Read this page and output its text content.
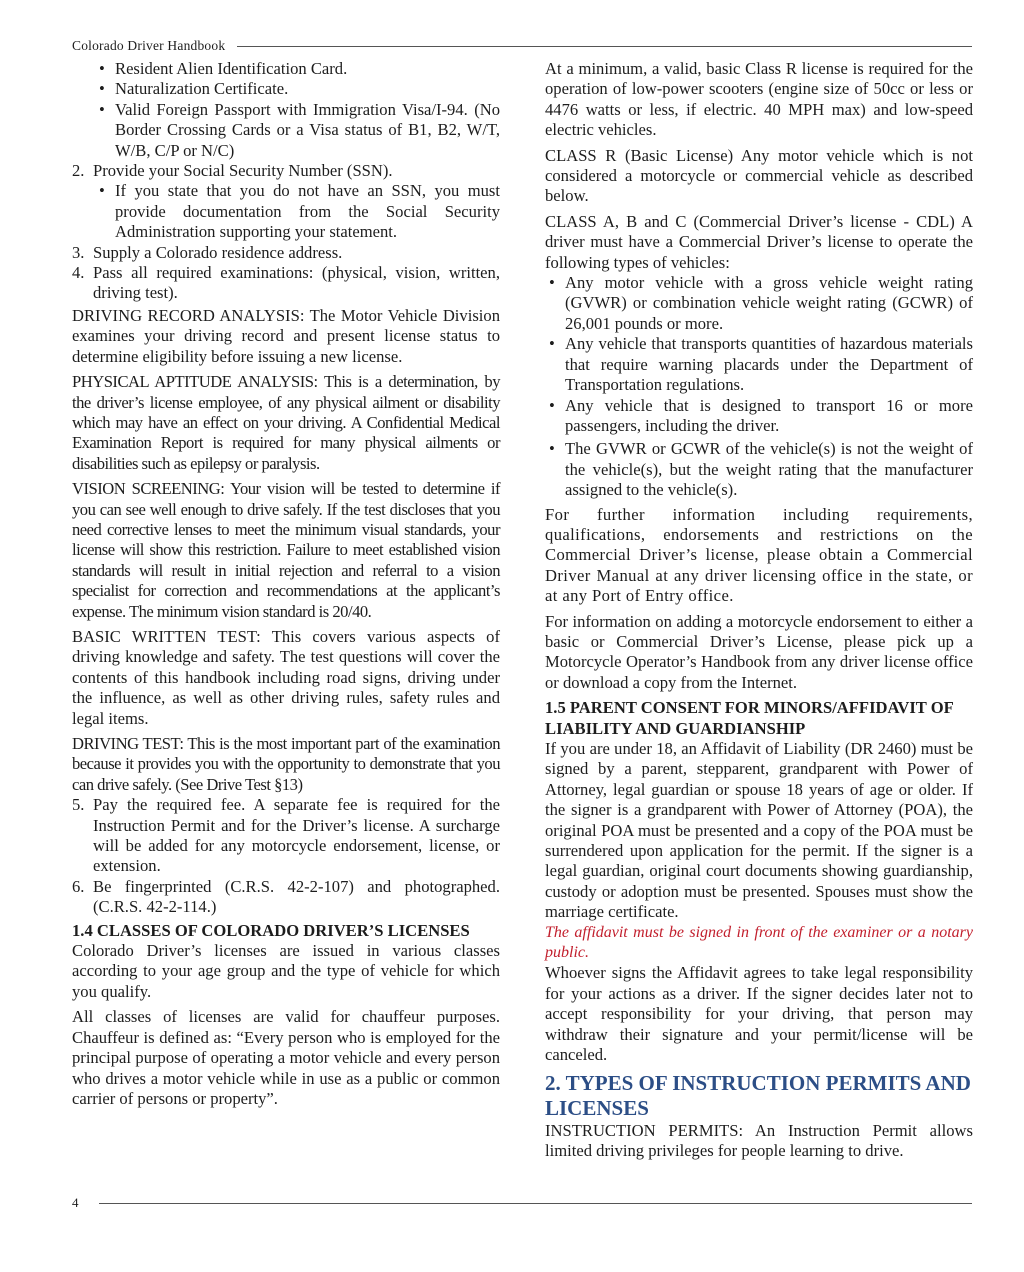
Colorado Driver Handbook
• Resident Alien Identification Card.
• Naturalization Certificate.
• Valid Foreign Passport with Immigration Visa/I-94. (No Border Crossing Cards or a Visa status of B1, B2, W/T, W/B, C/P or N/C)
2. Provide your Social Security Number (SSN).
• If you state that you do not have an SSN, you must provide documentation from the Social Security Administration supporting your statement.
3. Supply a Colorado residence address.
4. Pass all required examinations: (physical, vision, written, driving test).

DRIVING RECORD ANALYSIS: The Motor Vehicle Division examines your driving record and present license status to determine eligibility before issuing a new license.

PHYSICAL APTITUDE ANALYSIS: This is a determination, by the driver’s license employee, of any physical ailment or disability which may have an effect on your driving. A Confidential Medical Examination Report is required for many physical ailments or disabilities such as epilepsy or paralysis.

VISION SCREENING: Your vision will be tested to determine if you can see well enough to drive safely. If the test discloses that you need corrective lenses to meet the minimum visual standards, your license will show this restriction. Failure to meet established vision standards will result in initial rejection and referral to a vision specialist for correction and recommendations at the applicant’s expense. The minimum vision standard is 20/40.

BASIC WRITTEN TEST: This covers various aspects of driving knowledge and safety. The test questions will cover the contents of this handbook including road signs, driving under the influence, as well as other driving rules, safety rules and legal items.

DRIVING TEST: This is the most important part of the examination because it provides you with the opportunity to demonstrate that you can drive safely. (See Drive Test §13)

5. Pay the required fee. A separate fee is required for the Instruction Permit and for the Driver’s license. A surcharge will be added for any motorcycle endorsement, license, or extension.
6. Be fingerprinted (C.R.S. 42-2-107) and photographed. (C.R.S. 42-2-114.)
1.4 CLASSES OF COLORADO DRIVER’S LICENSES

Colorado Driver’s licenses are issued in various classes according to your age group and the type of vehicle for which you qualify.

All classes of licenses are valid for chauffeur purposes. Chauffeur is defined as: “Every person who is employed for the principal purpose of operating a motor vehicle and every person who drives a motor vehicle while in use as a public or common carrier of persons or property”.

At a minimum, a valid, basic Class R license is required for the operation of low-power scooters (engine size of 50cc or less or 4476 watts or less, if electric. 40 MPH max) and low-speed electric vehicles.

CLASS R (Basic License) Any motor vehicle which is not considered a motorcycle or commercial vehicle as described below.

CLASS A, B and C (Commercial Driver’s license - CDL) A driver must have a Commercial Driver’s license to operate the following types of vehicles:

• Any motor vehicle with a gross vehicle weight rating (GVWR) or combination vehicle weight rating (GCWR) of 26,001 pounds or more.
• Any vehicle that transports quantities of hazardous materials that require warning placards under the Department of Transportation regulations.
• Any vehicle that is designed to transport 16 or more passengers, including the driver.
• The GVWR or GCWR of the vehicle(s) is not the weight of the vehicle(s), but the weight rating that the manufacturer assigned to the vehicle(s).

For further information including requirements, qualifications, endorsements and restrictions on the Commercial Driver’s license, please obtain a Commercial Driver Manual at any driver licensing office in the state, or at any Port of Entry office.

For information on adding a motorcycle endorsement to either a basic or Commercial Driver’s License, please pick up a Motorcycle Operator’s Handbook from any driver license office or download a copy from the Internet.

1.5 PARENT CONSENT FOR MINORS/AFFIDAVIT OF LIABILITY AND GUARDIANSHIP

If you are under 18, an Affidavit of Liability (DR 2460) must be signed by a parent, stepparent, grandparent with Power of Attorney, legal guardian or spouse 18 years of age or older. If the signer is a grandparent with Power of Attorney (POA), the original POA must be presented and a copy of the POA must be surrendered upon application for the permit. If the signer is a legal guardian, original court documents showing guardianship, custody or adoption must be presented. Spouses must show the marriage certificate.

The affidavit must be signed in front of the examiner or a notary public.

Whoever signs the Affidavit agrees to take legal responsibility for your actions as a driver. If the signer decides later not to accept responsibility for your driving, that person may withdraw their signature and your permit/license will be canceled.

2. TYPES OF INSTRUCTION PERMITS AND LICENSES

INSTRUCTION PERMITS: An Instruction Permit allows limited driving privileges for people learning to drive.

4
